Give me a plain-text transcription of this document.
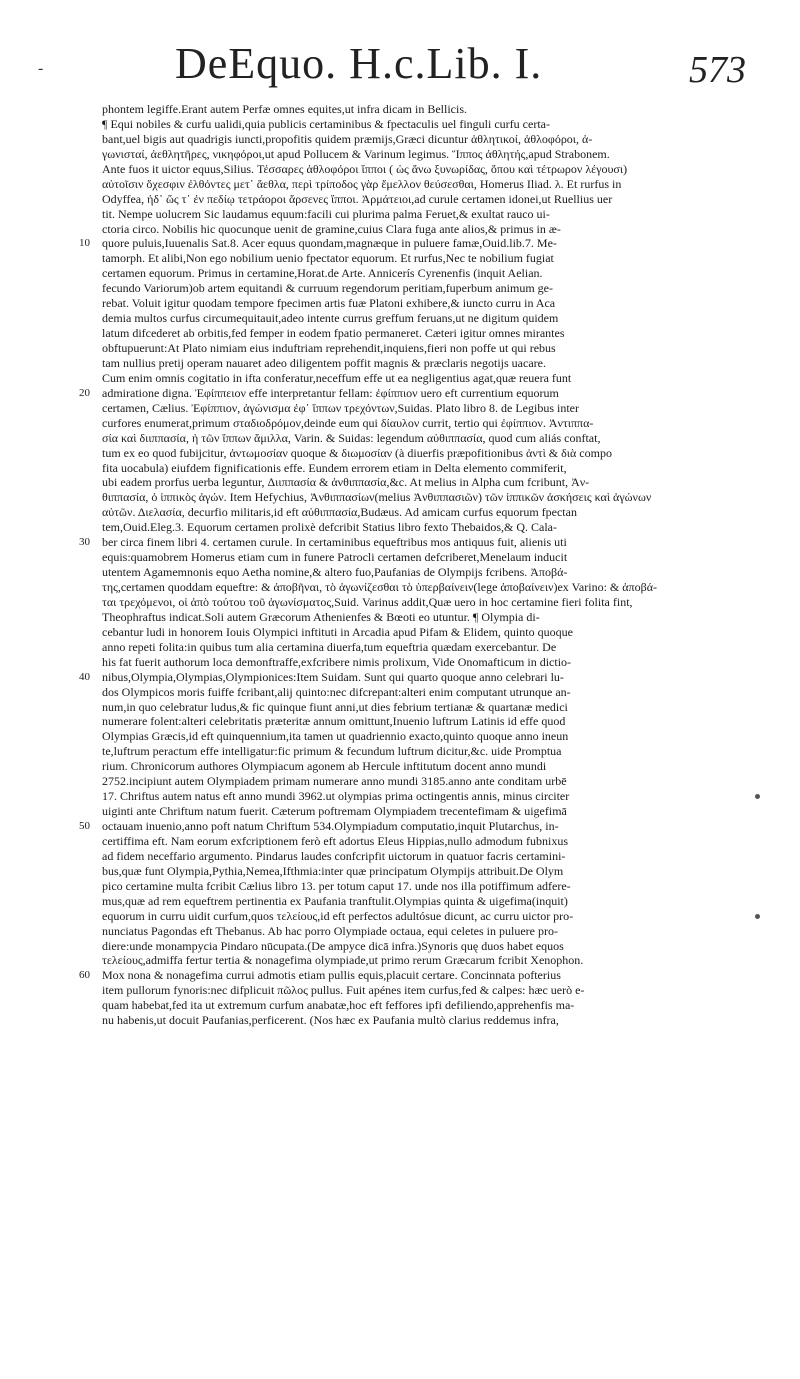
-	DeEquo. H.c.Lib. I.	573
phontem legiffe.Erant autem Perfæ omnes equites,ut infra dicam in Bellicis.
¶ Equi nobiles & curfu ualidi,quia publicis certaminibus & fpectaculis uel finguli curfu certa-
bant,uel bigis aut quadrigis iuncti,propofitis quidem præmijs,Græci dicuntur ἀθλητικοί, ἀθλοφόροι, ἀ-
γωνισταί, ἀεθλητῆρες, νικηφόροι,ut apud Pollucem & Varinum legimus. Ἵππος ἀθλητής,apud Strabonem.
Ante fuos it uictor equus,Silius. Τέσσαρες ἀθλοφόροι ἵπποι ( ὡς ἄνω ξυνωρίδας, ὅπου καὶ τέτρωρον λέγουσι)
αὐτοῖσιν ὄχεσφιν ἐλθόντες μετ᾽ ἄεθλα, περὶ τρίποδος γὰρ ἔμελλον θεύσεσθαι, Homerus Iliad. λ. Et rurfus in
Odyffea, ἠδ᾽ ὥς τ᾽ ἐν πεδίῳ τετράοροι ἄρσενες ἵπποι. Ἀρμάτειοι,ad curule certamen idonei,ut Ruellius uer
tit. Nempe uolucrem Sic laudamus equum:facili cui plurima palma Feruet,& exultat rauco ui-
ctoria circo. Nobilis hic quocunque uenit de gramine,cuius Clara fuga ante alios,& primus in æ-
quore puluis,Iuuenalis Sat.8. Acer equus quondam,magnæque in puluere famæ,Ouid.lib.7. Me-
10
tamorph. Et alibi,Non ego nobilium uenio fpectator equorum. Et rurfus,Nec te nobilium fugiat
certamen equorum. Primus in certamine,Horat.de Arte. Annicerís Cyrenenfis (inquit Aelian.
fecundo Variorum)ob artem equitandi & curruum regendorum peritiam,fuperbum animum ge-
rebat. Voluit igitur quodam tempore fpecimen artis fuæ Platoni exhibere,& iuncto curru in Aca
demia multos curfus circumequitauit,adeo intente currus greffum feruans,ut ne digitum quidem
latum difcederet ab orbitis,fed femper in eodem fpatio permaneret. Cæteri igitur omnes mirantes
obftupuerunt:At Plato nimiam eius induftriam reprehendit,inquiens,fieri non poffe ut qui rebus
tam nullius pretij operam nauaret adeo diligentem poffit magnis & præclaris negotijs uacare.
Cum enim omnis cogitatio in ifta conferatur,neceffum effe ut ea negligentius agat,quæ reuera funt
admiratione digna. Ἐφίππειον effe interpretantur fellam: ἐφίππιον uero eft currentium equorum
20
certamen, Cælius. Ἐφίππιον, ἀγώνισμα ἐφ᾽ ἵππων τρεχόντων,Suidas. Plato libro 8. de Legibus inter
curfores enumerat,primum σταδιοδρόμον,deinde eum qui δίαυλον currit, tertio qui ἐφίππιον. Ἀντιππα-
σία καὶ διιππασία, ἡ τῶν ἵππων ἅμιλλα, Varin. & Suidas: legendum αὐθιππασία, quod cum aliás conftat,
tum ex eo quod fubijcitur, ἀντωμοσίαν quoque & διωμοσίαν (à diuerfis præpofitionibus ἀντὶ & διὰ compo
fita uocabula) eiufdem fignificationis effe. Eundem errorem etiam in Delta elemento commiferit,
ubi eadem prorfus uerba leguntur, Διιππασία & ἀνθιππασία,&c. At melius in Alpha cum fcribunt, Ἀν-
θιππασία, ὁ ἱππικὸς ἀγών. Item Hefychius, Ἀνθιππασίων(melius Ἀνθιππασιῶν) τῶν ἱππικῶν ἀσκήσεις καὶ ἀγώνων
αὐτῶν. Διελασία, decurfio militaris,id eft αὐθιππασία,Budæus. Ad amicam curfus equorum fpectan
tem,Ouid.Eleg.3. Equorum certamen prolixè defcribit Statius libro fexto Thebaidos,& Q. Cala-
ber circa finem libri 4. certamen curule. In certaminibus equeftribus mos antiquus fuit, alienis uti
30
equis:quamobrem Homerus etiam cum in funere Patrocli certamen defcriberet,Menelaum inducit
utentem Agamemnonis equo Aetha nomine,& altero fuo,Paufanias de Olympijs fcribens. Ἀποβά-
της,certamen quoddam equeftre: & ἀποβῆναι, τὸ ἀγωνίζεσθαι τὸ ὑπερβαίνειν(lege ἀποβαίνειν)ex Varino: & ἀποβά-
ται τρεχόμενοι, οἱ ἀπὸ τούτου τοῦ ἀγωνίσματος,Suid. Varinus addit,Quæ uero in hoc certamine fieri folita fint,
Theophraftus indicat.Soli autem Græcorum Athenienfes & Bœoti eo utuntur. ¶ Olympia di-
cebantur ludi in honorem Iouis Olympici inftituti in Arcadia apud Pifam & Elidem, quinto quoque
anno repeti folita:in quibus tum alia certamina diuerfa,tum equeftria quædam exercebantur. De
his fat fuerit authorum loca demonftraffe,exfcribere nimis prolixum, Vide Onomafticum in dictio-
nibus,Olympia,Olympias,Olympionices:Item Suidam. Sunt qui quarto quoque anno celebrari lu-
40
dos Olympicos moris fuiffe fcribant,alij quinto:nec difcrepant:alteri enim computant utrunque an-
num,in quo celebratur ludus,& fic quinque fiunt anni,ut dies febrium tertianæ & quartanæ medici
numerare folent:alteri celebritatis præteritæ annum omittunt,Inuenio luftrum Latinis id effe quod
Olympias Græcis,id eft quinquennium,ita tamen ut quadriennio exacto,quinto quoque anno ineun
te,luftrum peractum effe intelligatur:fic primum & fecundum luftrum dicitur,&c. uide Promptua
rium. Chronicorum authores Olympiacum agonem ab Hercule inftitutum docent anno mundi
2752.incipiunt autem Olympiadem primam numerare anno mundi 3185.anno ante conditam urbē
17. Chriftus autem natus eft anno mundi 3962.ut olympias prima octingentis annis, minus circiter
uiginti ante Chriftum natum fuerit. Cæterum poftremam Olympiadem trecentefimam & uigefimā
octauam inuenio,anno poft natum Chriftum 534.Olympiadum computatio,inquit Plutarchus, in-
50
certiffima eft. Nam eorum exfcriptionem ferò eft adortus Eleus Hippias,nullo admodum fubnixus
ad fidem neceffario argumento. Pindarus laudes confcripfit uictorum in quatuor facris certamini-
bus,quæ funt Olympia,Pythia,Nemea,Ifthmia:inter quæ principatum Olympijs attribuit.De Olym
pico certamine multa fcribit Cælius libro 13. per totum caput 17. unde nos illa potiffimum adfere-
mus,quæ ad rem equeftrem pertinentia ex Paufania tranftulit.Olympias quinta & uigefima(inquit)
equorum in curru uidit curfum,quos τελείους,id eft perfectos adultósue dicunt, ac curru uictor pro-
nunciatus Pagondas eft Thebanus. Ab hac porro Olympiade octaua, equi celetes in puluere pro-
diere:unde monampycia Pindaro nūcupata.(De ampyce dicā infra.)Synoris quę duos habet equos
τελείους,admiffa fertur tertia & nonagefima olympiade,ut primo rerum Græcarum fcribit Xenophon.
Mox nona & nonagefima currui admotis etiam pullis equis,placuit certare. Concinnata pofterius
60
item pullorum fynoris:nec difplicuit πῶλος pullus. Fuit apénes item curfus,fed & calpes: hæc uerò e-
quam habebat,fed ita ut extremum curfum anabatæ,hoc eft feffores ipfi defiliendo,apprehenfis ma-
nu habenis,ut docuit Paufanias,perficerent. (Nos hæc ex Paufania multò clarius reddemus infra,
